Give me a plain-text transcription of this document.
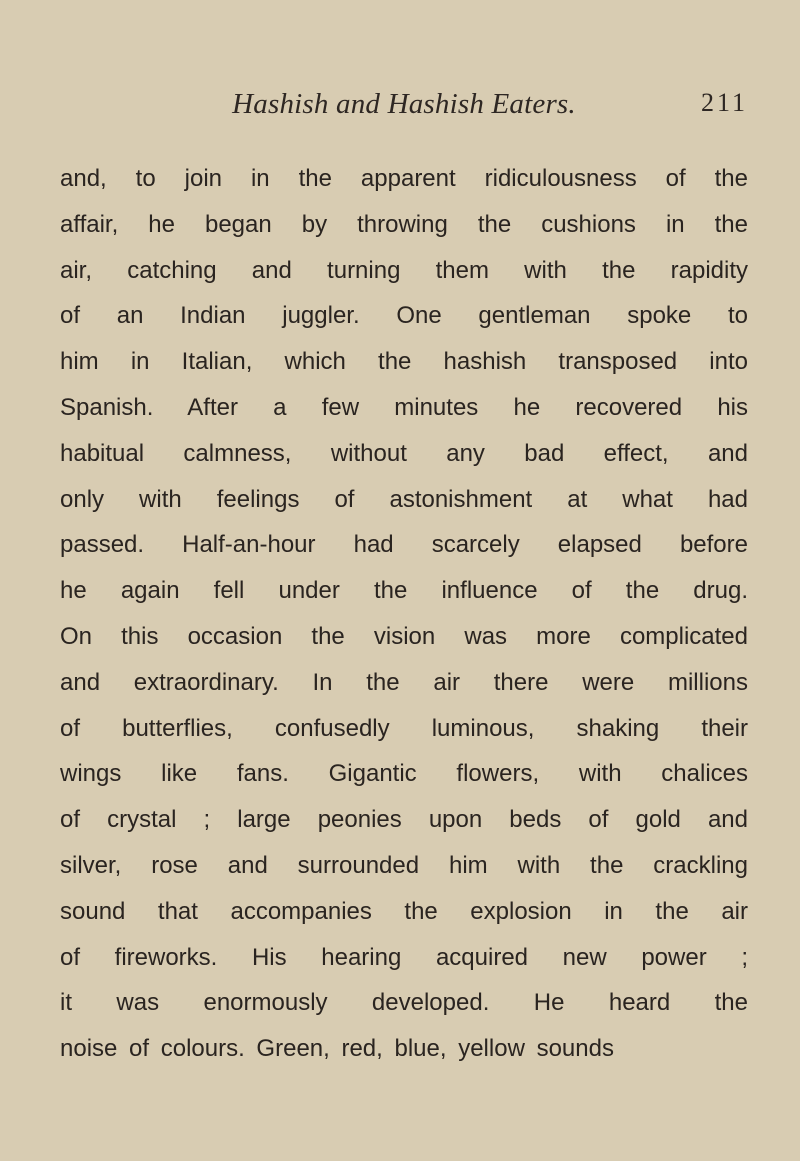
Hashish and Hashish Eaters.	211
and, to join in the apparent ridiculousness of the
affair, he began by throwing the cushions in the
air, catching and turning them with the rapidity
of an Indian juggler. One gentleman spoke to
him in Italian, which the hashish transposed into
Spanish. After a few minutes he recovered his
habitual calmness, without any bad effect, and
only with feelings of astonishment at what had
passed. Half-an-hour had scarcely elapsed before
he again fell under the influence of the drug.
On this occasion the vision was more complicated
and extraordinary. In the air there were millions
of butterflies, confusedly luminous, shaking their
wings like fans. Gigantic flowers, with chalices
of crystal ; large peonies upon beds of gold and
silver, rose and surrounded him with the crackling
sound that accompanies the explosion in the air
of fireworks. His hearing acquired new power ;
it was enormously developed. He heard the
noise of colours. Green, red, blue, yellow sounds
